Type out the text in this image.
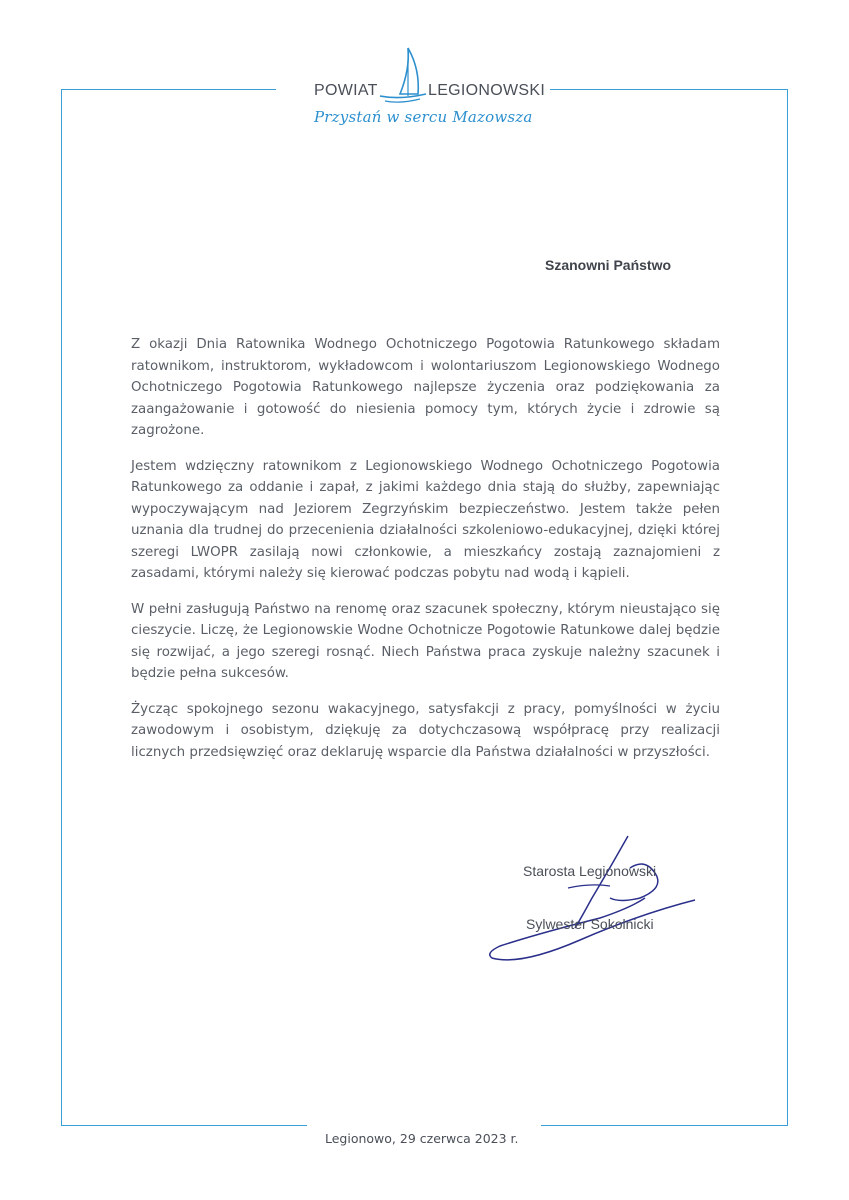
POWIAT	LEGIONOWSKI
Przystań w sercu Mazowsza
Szanowni Państwo

Z okazji Dnia Ratownika Wodnego Ochotniczego Pogotowia Ratunkowego składam ratownikom, instruktorom, wykładowcom i wolontariuszom Legionowskiego Wodnego Ochotniczego Pogotowia Ratunkowego najlepsze życzenia oraz podziękowania za zaangażowanie i gotowość do niesienia pomocy tym, których życie i zdrowie są zagrożone.

Jestem wdzięczny ratownikom z Legionowskiego Wodnego Ochotniczego Pogotowia Ratunkowego za oddanie i zapał, z jakimi każdego dnia stają do służby, zapewniając wypoczywającym nad Jeziorem Zegrzyńskim bezpieczeństwo. Jestem także pełen uznania dla trudnej do przecenienia działalności szkoleniowo-edukacyjnej, dzięki której szeregi LWOPR zasilają nowi członkowie, a mieszkańcy zostają zaznajomieni z zasadami, którymi należy się kierować podczas pobytu nad wodą i kąpieli.

W pełni zasługują Państwo na renomę oraz szacunek społeczny, którym nieustająco się cieszycie. Liczę, że Legionowskie Wodne Ochotnicze Pogotowie Ratunkowe dalej będzie się rozwijać, a jego szeregi rosnąć. Niech Państwa praca zyskuje należny szacunek i będzie pełna sukcesów.

Życząc spokojnego sezonu wakacyjnego, satysfakcji z pracy, pomyślności w życiu zawodowym i osobistym, dziękuję za dotychczasową współpracę przy realizacji licznych przedsięwzięć oraz deklaruję wsparcie dla Państwa działalności w przyszłości.

Starosta Legionowski
Sylwester Sokolnicki
Legionowo, 29 czerwca 2023 r.
